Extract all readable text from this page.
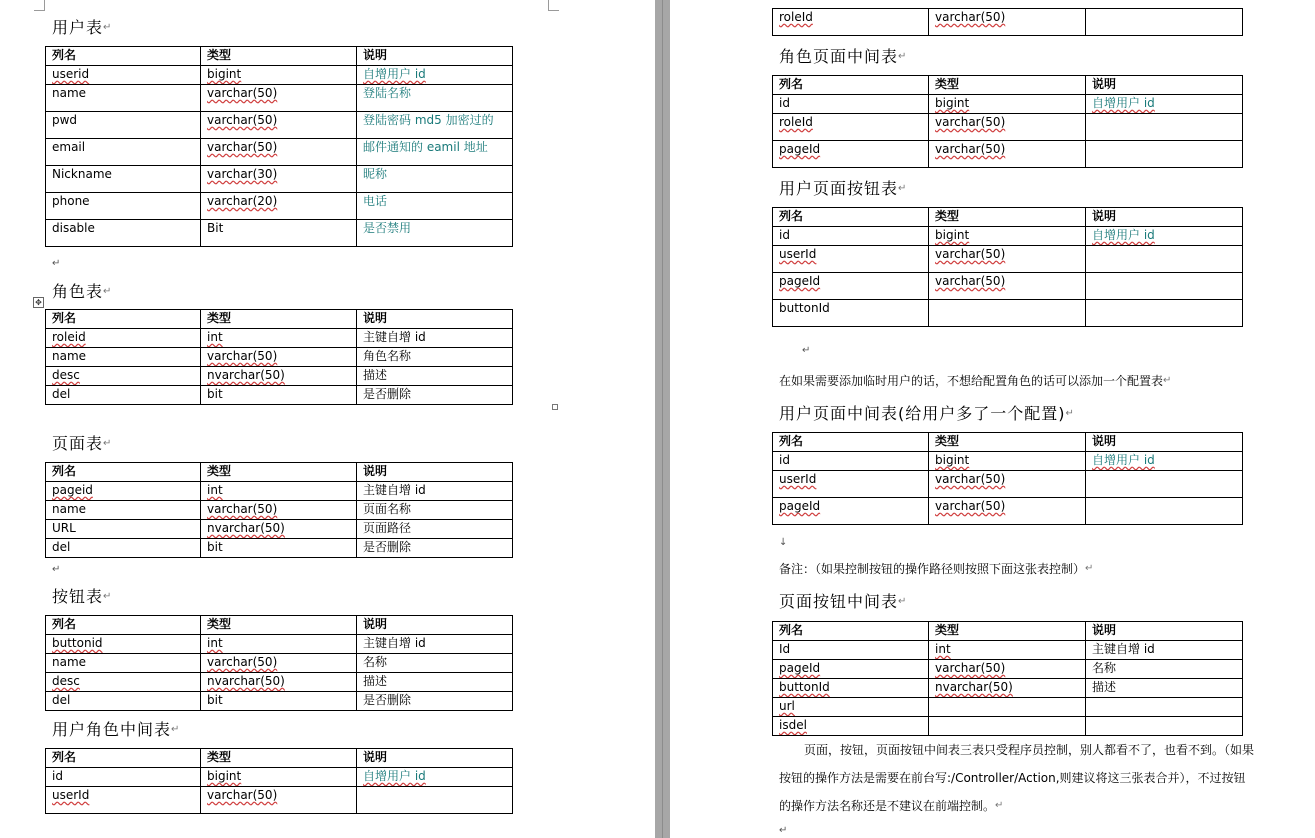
用户表 ↵
列名	类型	说明
userid	bigint	自增用户 id
name	varchar(50)	登陆名称
pwd	varchar(50)	登陆密码 md5 加密过的
email	varchar(50)	邮件通知的 eamil 地址
Nickname	varchar(30)	昵称
phone	varchar(20)	电话
disable	Bit	是否禁用
↵
✥
角色表 ↵
列名	类型	说明
roleid	int	主键自增 id
name	varchar(50)	角色名称
desc	nvarchar(50)	描述
del	bit	是否删除
页面表 ↵
列名	类型	说明
pageid	int	主键自增 id
name	varchar(50)	页面名称
URL	nvarchar(50)	页面路径
del	bit	是否删除
↵
按钮表 ↵
列名	类型	说明
buttonid	int	主键自增 id
name	varchar(50)	名称
desc	nvarchar(50)	描述
del	bit	是否删除
用户角色中间表 ↵
列名	类型	说明
id	bigint	自增用户 id
userId	varchar(50)	
roleId	varchar(50)	
角色页面中间表 ↵
列名	类型	说明
id	bigint	自增用户 id
roleId	varchar(50)	
pageId	varchar(50)	
用户页面按钮表 ↵
列名	类型	说明
id	bigint	自增用户 id
userId	varchar(50)	
pageId	varchar(50)	
buttonId		
↵
在如果需要添加临时用户的话，不想给配置角色的话可以添加一个配置表 ↵
用户页面中间表(给用户多了一个配置) ↵
列名	类型	说明
id	bigint	自增用户 id
userId	varchar(50)	
pageId	varchar(50)	
↓
备注：（如果控制按钮的操作路径则按照下面这张表控制） ↵
页面按钮中间表 ↵
列名	类型	说明
Id	int	主键自增 id
pageId	varchar(50)	名称
buttonId	nvarchar(50)	描述
url		
isdel		
页面，按钮，页面按钮中间表三表只受程序员控制，别人都看不了，也看不到。（如果
按钮的操作方法是需要在前台写:/Controller/Action,则建议将这三张表合并），不过按钮
的操作方法名称还是不建议在前端控制。 ↵
↵
